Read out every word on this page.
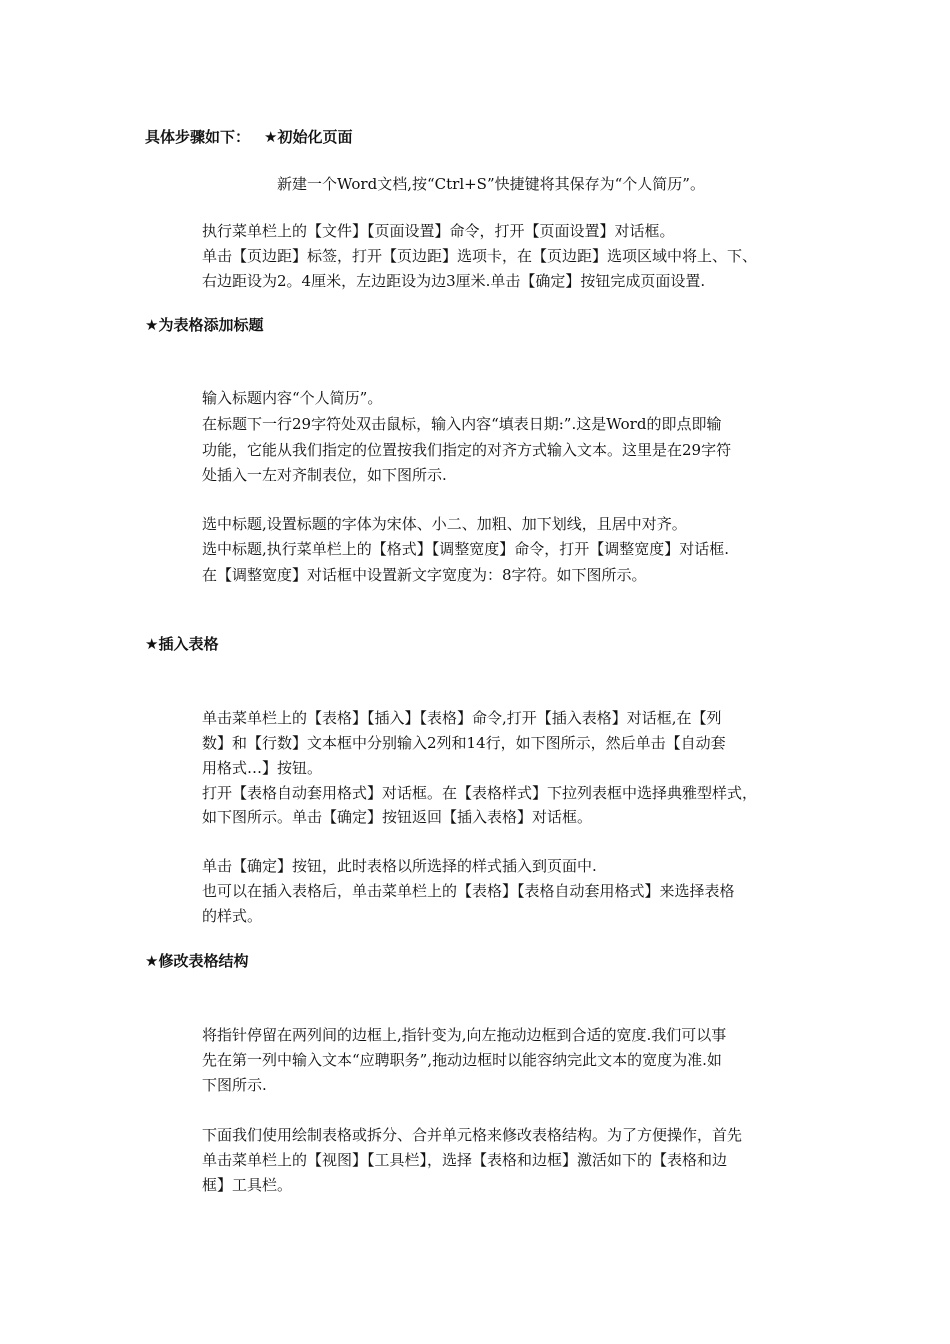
具体步骤如下： ★初始化页面
新建一个Word文档,按“Ctrl+S”快捷键将其保存为“个人简历”。
执行菜单栏上的【文件】【页面设置】命令，打开【页面设置】对话框。
单击【页边距】标签，打开【页边距】选项卡，在【页边距】选项区域中将上、下、
右边距设为2。4厘米，左边距设为边3厘米.单击【确定】按钮完成页面设置.
★为表格添加标题
输入标题内容“个人简历”。
在标题下一行29字符处双击鼠标，输入内容“填表日期:”.这是Word的即点即输
功能，它能从我们指定的位置按我们指定的对齐方式输入文本。这里是在29字符
处插入一左对齐制表位，如下图所示.
选中标题,设置标题的字体为宋体、小二、加粗、加下划线，且居中对齐。
选中标题,执行菜单栏上的【格式】【调整宽度】命令，打开【调整宽度】对话框.
在【调整宽度】对话框中设置新文字宽度为：8字符。如下图所示。
★插入表格
单击菜单栏上的【表格】【插入】【表格】命令,打开【插入表格】对话框,在【列
数】和【行数】文本框中分别输入2列和14行，如下图所示，然后单击【自动套
用格式…】按钮。
打开【表格自动套用格式】对话框。在【表格样式】下拉列表框中选择典雅型样式，
如下图所示。单击【确定】按钮返回【插入表格】对话框。
单击【确定】按钮，此时表格以所选择的样式插入到页面中.
也可以在插入表格后，单击菜单栏上的【表格】【表格自动套用格式】来选择表格
的样式。
★修改表格结构
将指针停留在两列间的边框上,指针变为,向左拖动边框到合适的宽度.我们可以事
先在第一列中输入文本“应聘职务”,拖动边框时以能容纳完此文本的宽度为准.如
下图所示.
下面我们使用绘制表格或拆分、合并单元格来修改表格结构。为了方便操作，首先
单击菜单栏上的【视图】【工具栏】，选择【表格和边框】激活如下的【表格和边
框】工具栏。
